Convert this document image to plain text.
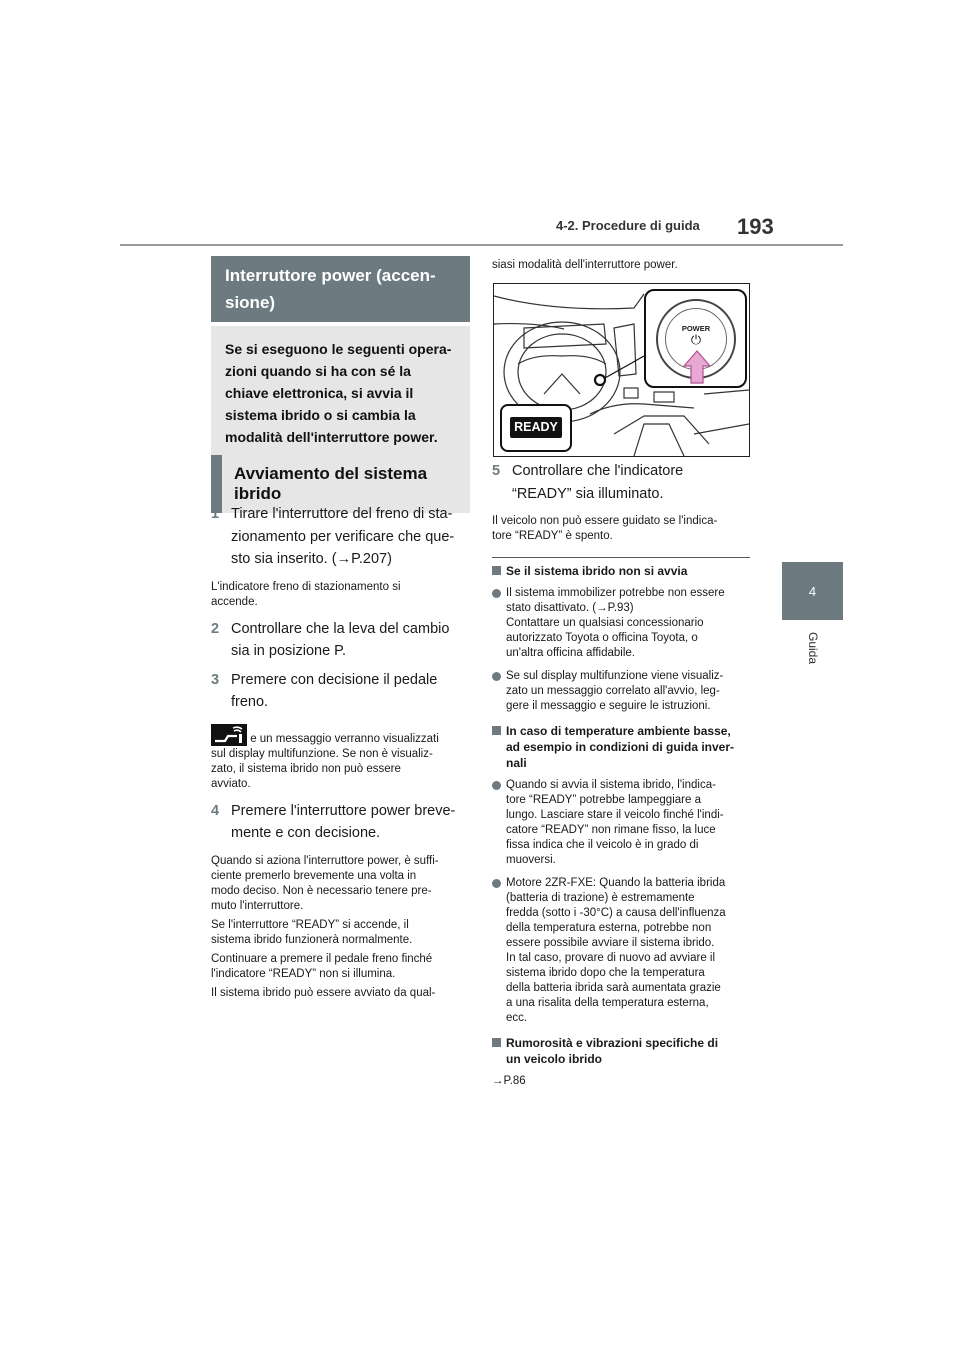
4-2. Procedure di guida 193
4
Guida
Interruttore power (accen-
sione)
Se si eseguono le seguenti opera-
zioni quando si ha con sé la
chiave elettronica, si avvia il
sistema ibrido o si cambia la
modalità dell'interruttore power.
Avviamento del sistema ibrido
1 Tirare l'interruttore del freno di sta-
zionamento per verificare che que-
sto sia inserito. (→P.207)

L'indicatore freno di stazionamento si
accende.

2 Controllare che la leva del cambio
sia in posizione P.
3 Premere con decisione il pedale
freno.
e un messaggio verranno visualizzati
sul display multifunzione. Se non è visualiz-
zato, il sistema ibrido non può essere
avviato.
4 Premere l'interruttore power breve-
mente e con decisione.

Quando si aziona l'interruttore power, è suffi-
ciente premerlo brevemente una volta in
modo deciso. Non è necessario tenere pre-
muto l'interruttore.

Se l'interruttore “READY” si accende, il
sistema ibrido funzionerà normalmente.

Continuare a premere il pedale freno finché
l'indicatore “READY” non si illumina.

Il sistema ibrido può essere avviato da qual-

siasi modalità dell'interruttore power.
POWER
⏻
READY
5 Controllare che l'indicatore
“READY” sia illuminato.

Il veicolo non può essere guidato se l'indica-
tore “READY” è spento.

Se il sistema ibrido non si avvia
Il sistema immobilizer potrebbe non essere
stato disattivato. (→P.93)
Contattare un qualsiasi concessionario
autorizzato Toyota o officina Toyota, o
un'altra officina affidabile.
Se sul display multifunzione viene visualiz-
zato un messaggio correlato all'avvio, leg-
gere il messaggio e seguire le istruzioni.
In caso di temperature ambiente basse,
ad esempio in condizioni di guida inver-
nali
Quando si avvia il sistema ibrido, l'indica-
tore “READY” potrebbe lampeggiare a
lungo. Lasciare stare il veicolo finché l'indi-
catore “READY” non rimane fisso, la luce
fissa indica che il veicolo è in grado di
muoversi.
Motore 2ZR-FXE: Quando la batteria ibrida
(batteria di trazione) è estremamente
fredda (sotto i -30°C) a causa dell'influenza
della temperatura esterna, potrebbe non
essere possibile avviare il sistema ibrido.
In tal caso, provare di nuovo ad avviare il
sistema ibrido dopo che la temperatura
della batteria ibrida sarà aumentata grazie
a una risalita della temperatura esterna,
ecc.
Rumorosità e vibrazioni specifiche di
un veicolo ibrido
→P.86
